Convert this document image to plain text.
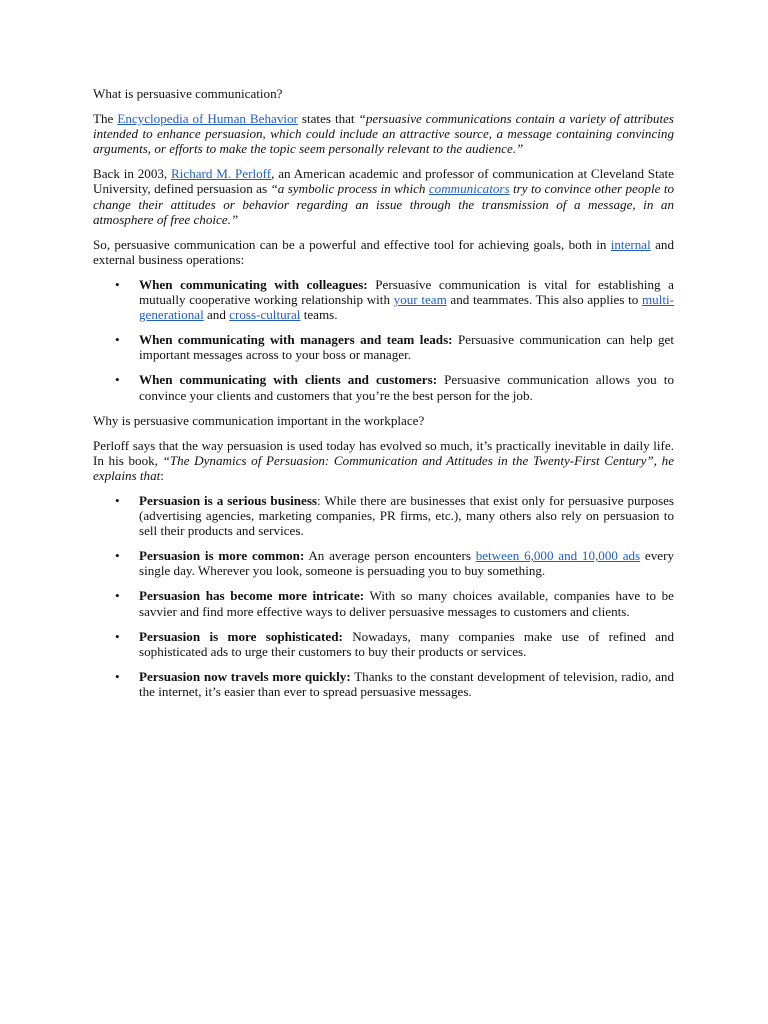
What is persuasive communication?

The Encyclopedia of Human Behavior states that “persuasive communications contain a variety of attributes intended to enhance persuasion, which could include an attractive source, a message containing convincing arguments, or efforts to make the topic seem personally relevant to the audience.”

Back in 2003, Richard M. Perloff, an American academic and professor of communication at Cleveland State University, defined persuasion as “a symbolic process in which communicators try to convince other people to change their attitudes or behavior regarding an issue through the transmission of a message, in an atmosphere of free choice.”

So, persuasive communication can be a powerful and effective tool for achieving goals, both in internal and external business operations:

• When communicating with colleagues: Persuasive communication is vital for establishing a mutually cooperative working relationship with your team and teammates. This also applies to multi-generational and cross-cultural teams.
• When communicating with managers and team leads: Persuasive communication can help get important messages across to your boss or manager.
• When communicating with clients and customers: Persuasive communication allows you to convince your clients and customers that you’re the best person for the job.

Why is persuasive communication important in the workplace?

Perloff says that the way persuasion is used today has evolved so much, it’s practically inevitable in daily life. In his book, “The Dynamics of Persuasion: Communication and Attitudes in the Twenty-First Century”, he explains that:

• Persuasion is a serious business: While there are businesses that exist only for persuasive purposes (advertising agencies, marketing companies, PR firms, etc.), many others also rely on persuasion to sell their products and services.
• Persuasion is more common: An average person encounters between 6,000 and 10,000 ads every single day. Wherever you look, someone is persuading you to buy something.
• Persuasion has become more intricate: With so many choices available, companies have to be savvier and find more effective ways to deliver persuasive messages to customers and clients.
• Persuasion is more sophisticated: Nowadays, many companies make use of refined and sophisticated ads to urge their customers to buy their products or services.
• Persuasion now travels more quickly: Thanks to the constant development of television, radio, and the internet, it’s easier than ever to spread persuasive messages.
